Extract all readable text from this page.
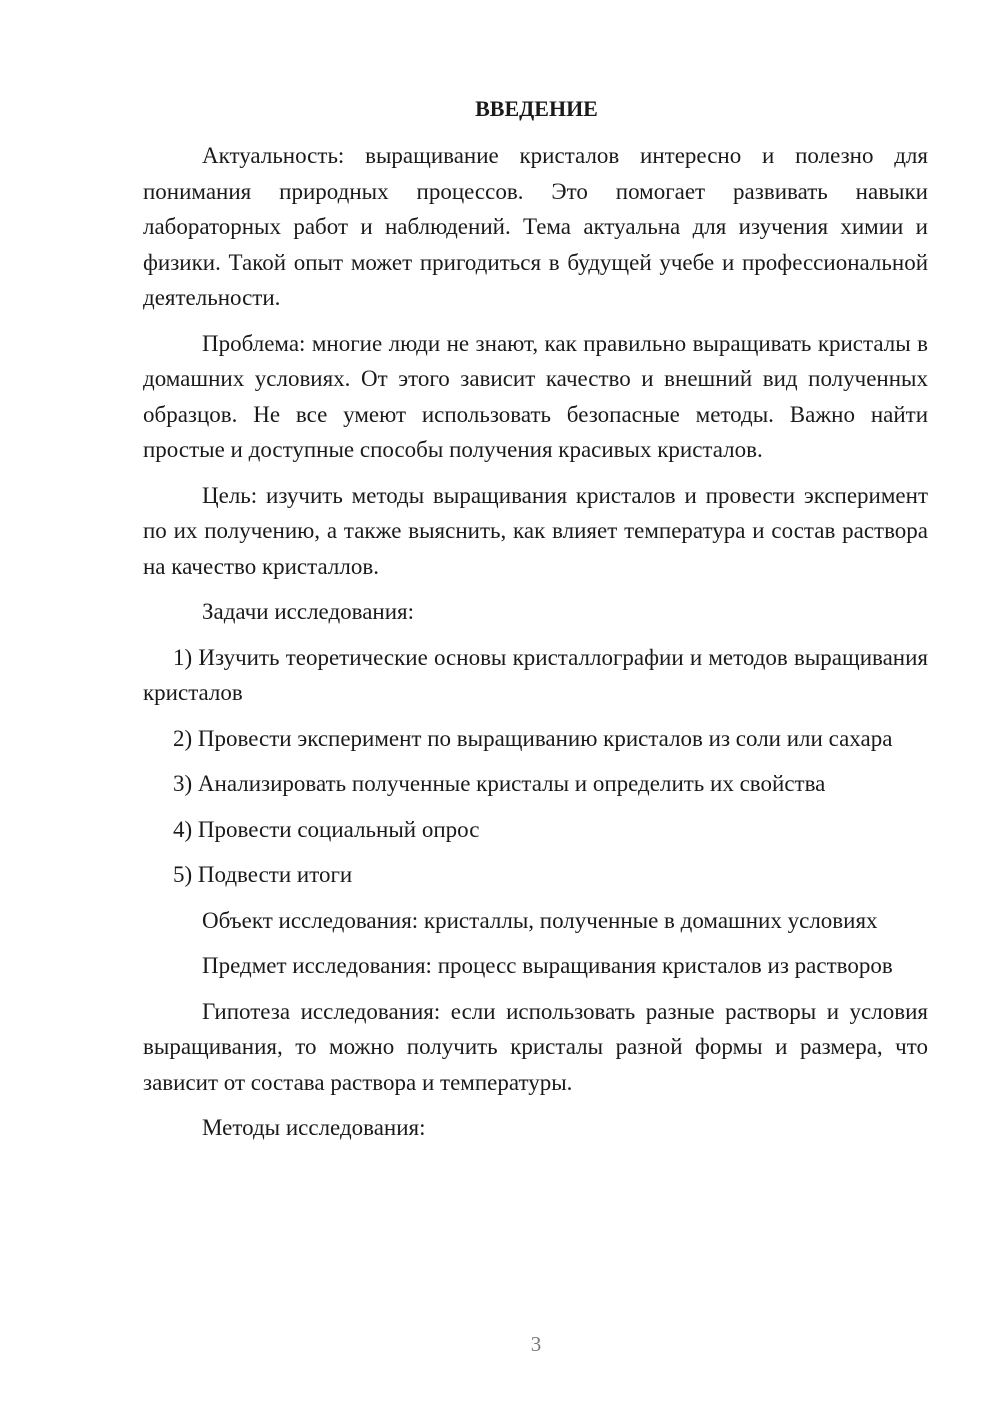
ВВЕДЕНИЕ

Актуальность: выращивание кристалов интересно и полезно для понимания природных процессов. Это помогает развивать навыки лабораторных работ и наблюдений. Тема актуальна для изучения химии и физики. Такой опыт может пригодиться в будущей учебе и профессиональной деятельности.

Проблема: многие люди не знают, как правильно выращивать кристалы в домашних условиях. От этого зависит качество и внешний вид полученных образцов. Не все умеют использовать безопасные методы. Важно найти простые и доступные способы получения красивых кристалов.

Цель: изучить методы выращивания кристалов и провести эксперимент по их получению, а также выяснить, как влияет температура и состав раствора на качество кристаллов.

Задачи исследования:

1) Изучить теоретические основы кристаллографии и методов выращивания кристалов

2) Провести эксперимент по выращиванию кристалов из соли или сахара

3) Анализировать полученные кристалы и определить их свойства

4) Провести социальный опрос

5) Подвести итоги

Объект исследования: кристаллы, полученные в домашних условиях

Предмет исследования: процесс выращивания кристалов из растворов

Гипотеза исследования: если использовать разные растворы и условия выращивания, то можно получить кристалы разной формы и размера, что зависит от состава раствора и температуры.

Методы исследования:

3
